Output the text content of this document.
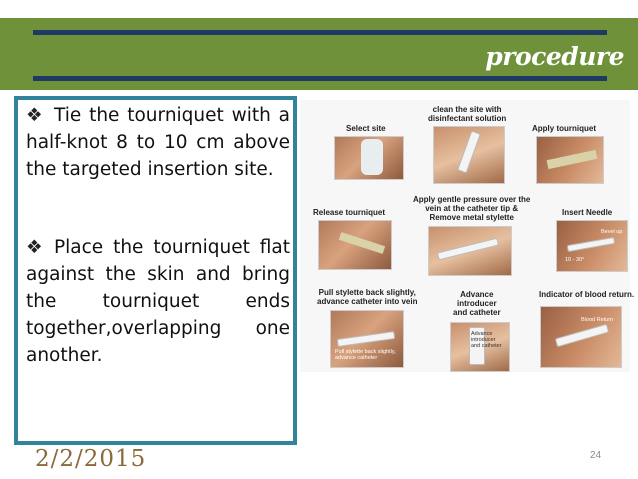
procedure
❖ Tie the tourniquet with a half-knot 8 to 10 cm above the targeted insertion site.
❖ Place the tourniquet flat against the skin and bring the tourniquet ends together,overlapping one another.
Select site
clean the site with
disinfectant solution
Apply tourniquet
Release tourniquet
Apply gentle pressure over the
vein at the catheter tip &
Remove metal stylette
Insert Needle
Bevel up
10 - 30°
Pull stylette back slightly,
advance catheter into vein
Pull stylette back slightly,
advance catheter
Advance
introducer
and catheter
Advance
introducer
and catheter
Indicator of blood return.
Blood Return
2/2/2015	24
